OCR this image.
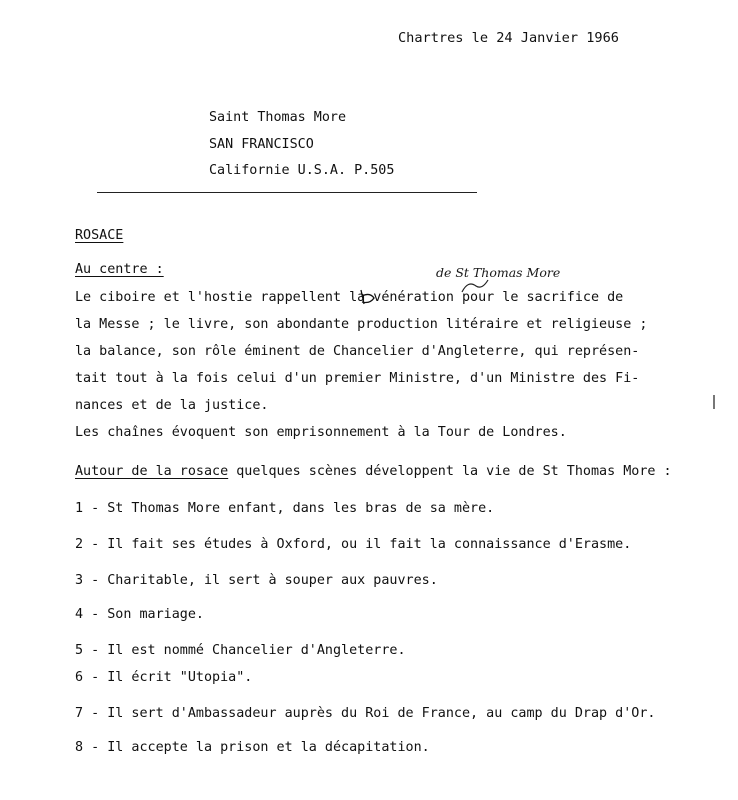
Chartres le 24 Janvier 1966
Saint Thomas More
SAN FRANCISCO
Californie U.S.A. P.505
ROSACE
Au centre :	de St Thomas More
Le ciboire et l'hostie rappellent la vénération pour le sacrifice de
la Messe ; le livre, son abondante production litéraire et religieuse ;
la balance, son rôle éminent de Chancelier d'Angleterre, qui représen-
tait tout à la fois celui d'un premier Ministre, d'un Ministre des Fi-
nances et de la justice.
Les chaînes évoquent son emprisonnement à la Tour de Londres.
Autour de la rosace quelques scènes développent la vie de St Thomas More :
1 - St Thomas More enfant, dans les bras de sa mère.
2 - Il fait ses études à Oxford, ou il fait la connaissance d'Erasme.
3 - Charitable, il sert à souper aux pauvres.
4 - Son mariage.
5 - Il est nommé Chancelier d'Angleterre.
6 - Il écrit "Utopia".
7 - Il sert d'Ambassadeur auprès du Roi de France, au camp du Drap d'Or.
8 - Il accepte la prison et la décapitation.
